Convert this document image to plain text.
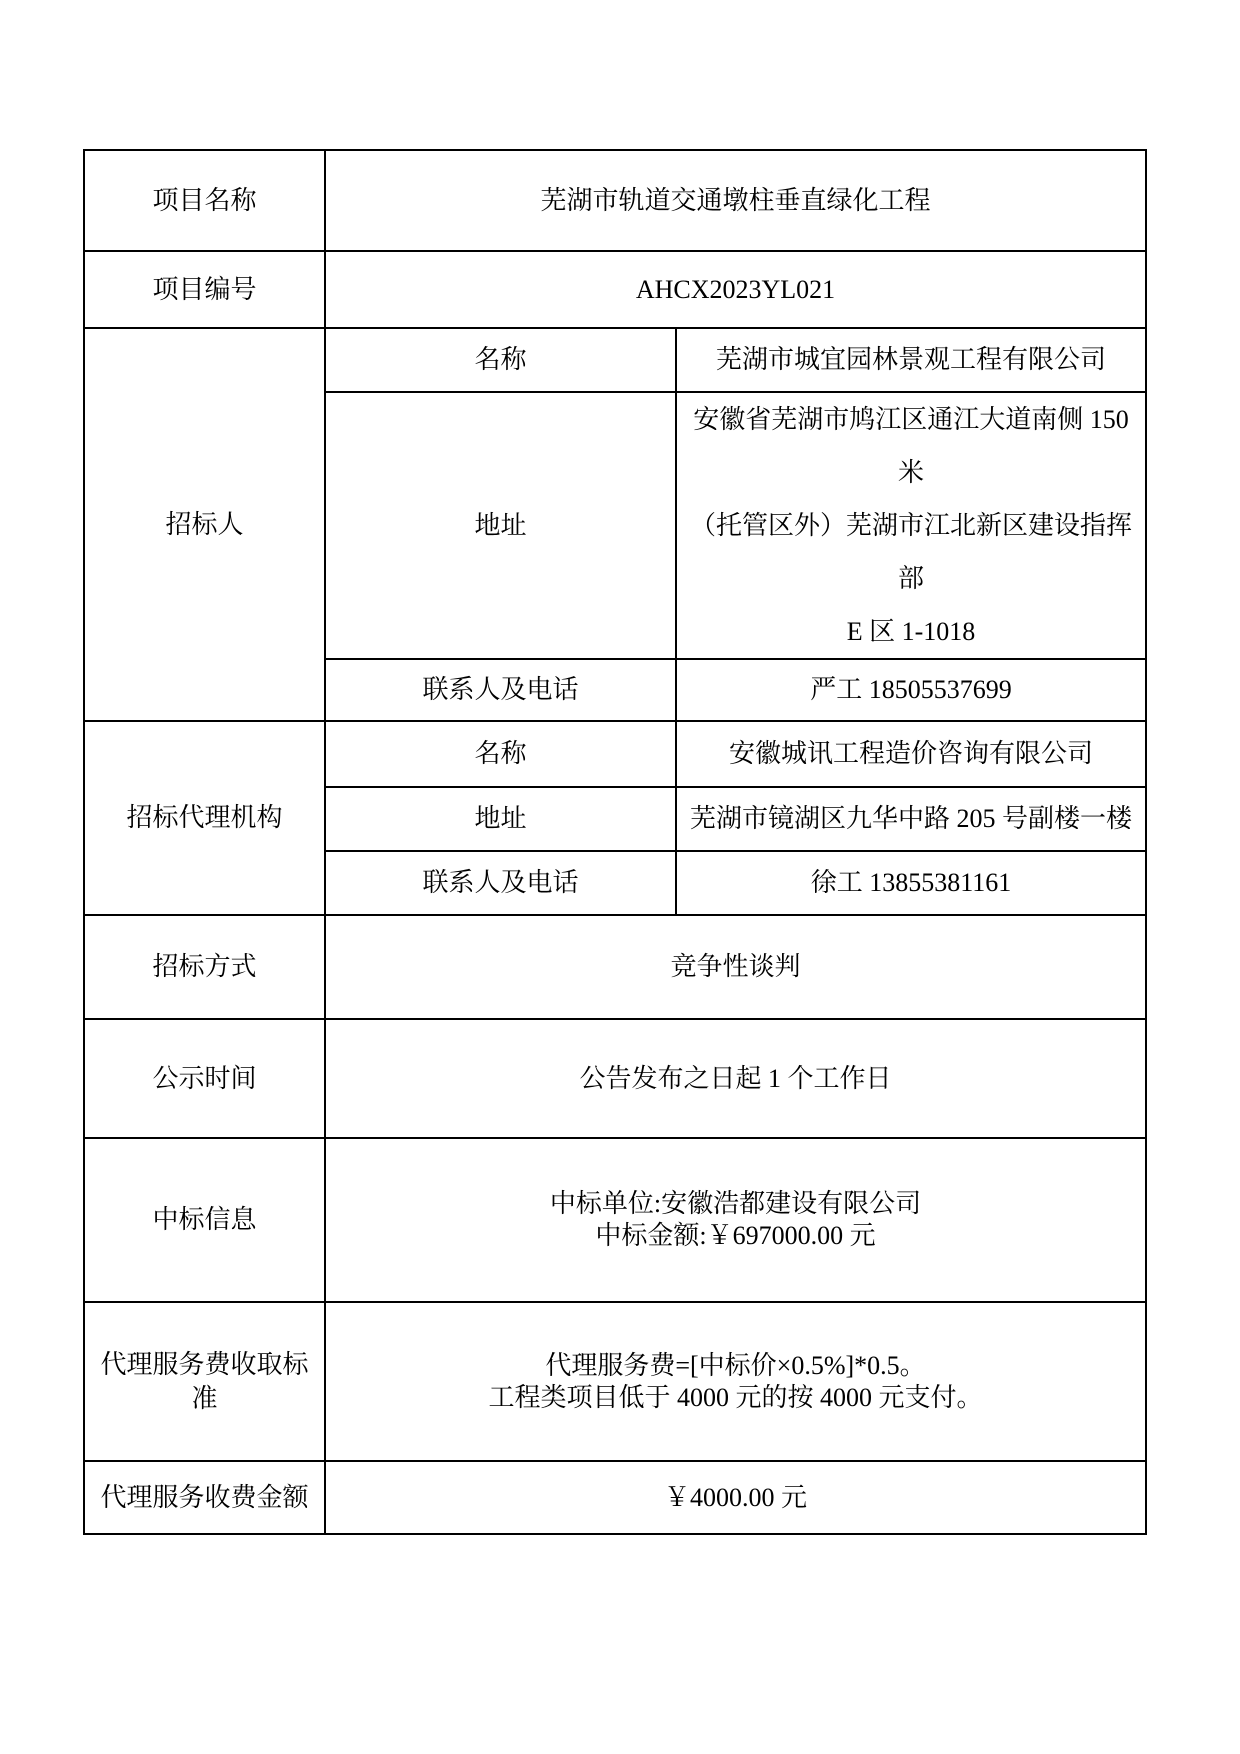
项目名称	芜湖市轨道交通墩柱垂直绿化工程	
项目编号	AHCX2023YL021	
招标人	名称	芜湖市城宜园林景观工程有限公司
	地址	安徽省芜湖市鸠江区通江大道南侧 150 米
（托管区外）芜湖市江北新区建设指挥部
E 区 1-1018

	联系人及电话	严工 18505537699
招标代理机构	名称	安徽城讯工程造价咨询有限公司
	地址	芜湖市镜湖区九华中路 205 号副楼一楼
	联系人及电话	徐工 13855381161
招标方式	竞争性谈判	
公示时间	公告发布之日起 1 个工作日	
中标信息	中标单位:安徽浩都建设有限公司
中标金额:￥697000.00 元	

代理服务费收取标准	代理服务费=[中标价×0.5%]*0.5。
工程类项目低于 4000 元的按 4000 元支付。	

代理服务收费金额	￥4000.00 元	
